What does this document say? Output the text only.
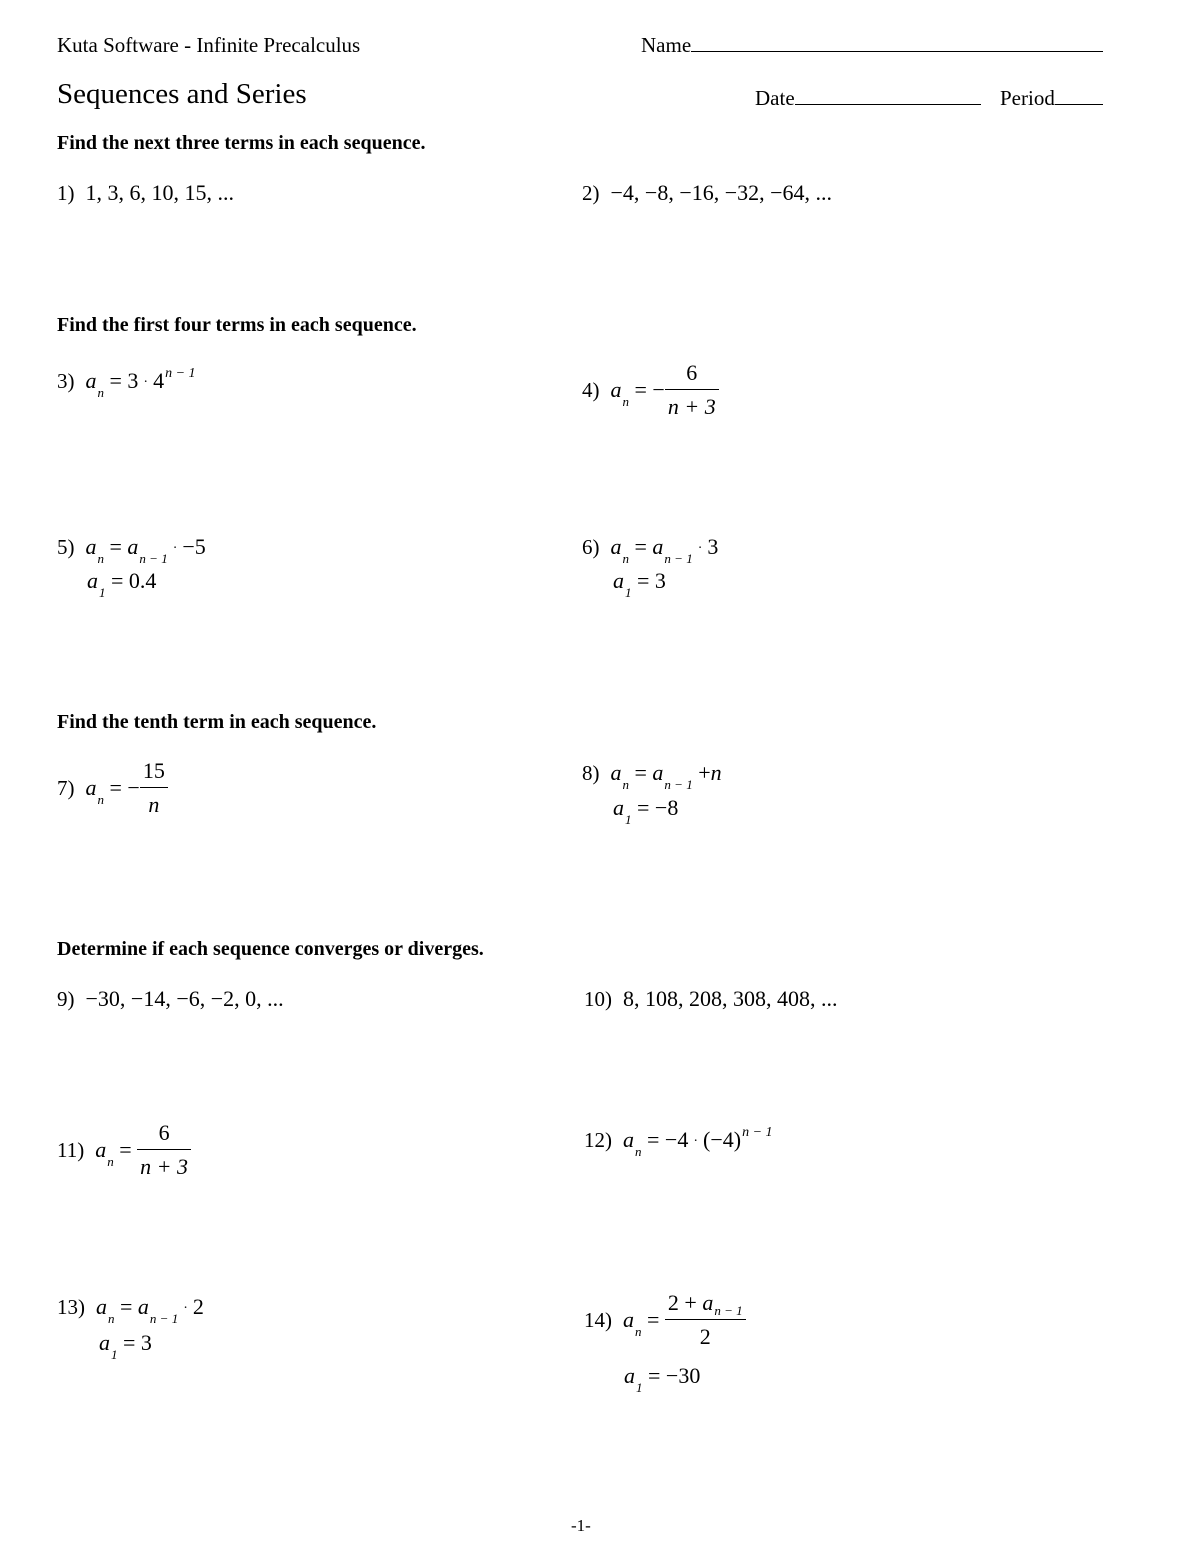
Kuta Software - Infinite Precalculus	Name
Sequences and Series	Date	Period
Find the next three terms in each sequence.
1) 1, 3, 6, 10, 15, ...	2) −4, −8, −16, −32, −64, ...
Find the first four terms in each sequence.
3) $a_n = 3 \cdot 4^{n - 1}$
4) $a_n$ = − $\frac{6}{n + 3}$
5) $a_n = a_{n - 1}\cdot -5$
$a_1 = 0.4$
6) $a_n = a_{n - 1}\cdot 3$
$a_1 = 3$
Find the tenth term in each sequence.
7) $a_n$ = − $\frac{15}{n}$	8) $a_n = a_{n - 1} +n$
$a_1 = -8$
Determine if each sequence converges or diverges.
9) −30, −14, −6, −2, 0, ...	10) 8, 108, 208, 308, 408, ...
11) $a_n = \frac{6}{n + 3}$	12) $a_n = -4 \cdot (-4)^{n - 1}$
13) $a_n = a_{n - 1}\cdot 2$
$a_1 = 3$
14) $a_n = \frac{2 + a_{n - 1}}{2}$
$a_1 = -30$
-1-
